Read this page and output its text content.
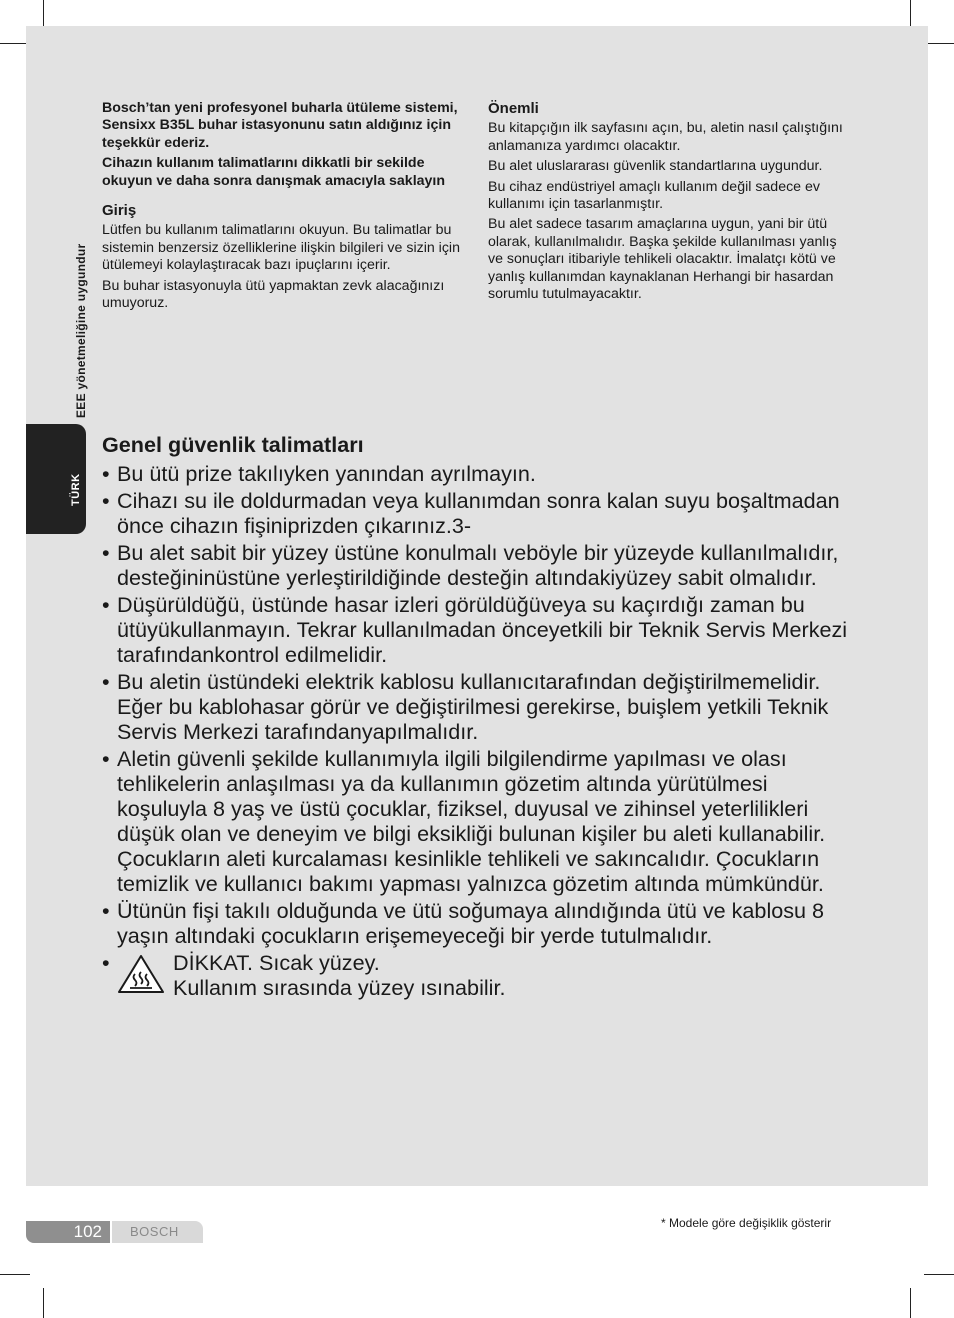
EEE yönetmeliğine uygundur
TÜRK

Bosch’tan yeni profesyonel buharla ütüleme sistemi, Sensixx B35L buhar istasyonunu satın aldığınız için teşekkür ederiz.

Cihazın kullanım talimatlarını dikkatli bir sekilde okuyun ve daha sonra danışmak amacıyla saklayın

Giriş

Lütfen bu kullanım talimatlarını okuyun. Bu talimatlar bu sistemin benzersiz özelliklerine ilişkin bilgileri ve sizin için ütülemeyi kolaylaştıracak bazı ipuçlarını içerir.

Bu buhar istasyonuyla ütü yapmaktan zevk alacağınızı umuyoruz.

Önemli

Bu kitapçığın ilk sayfasını açın, bu, aletin nasıl çalıştığını anlamanıza yardımcı olacaktır.

Bu alet uluslararası güvenlik standartlarına uygundur.

Bu cihaz endüstriyel amaçlı kullanım değil sadece ev kullanımı için tasarlanmıştır.

Bu alet sadece tasarım amaçlarına uygun, yani bir ütü olarak, kullanılmalıdır. Başka şekilde kullanılması yanlış ve sonuçları itibariyle tehlikeli olacaktır. İmalatçı kötü ve yanlış kullanımdan kaynaklanan Herhangi bir hasardan sorumlu tutulmayacaktır.

Genel güvenlik talimatları
• Bu ütü prize takılıyken yanından ayrılmayın.
• Cihazı su ile doldurmadan veya kullanımdan sonra kalan suyu boşaltmadan önce cihazın fişiniprizden çıkarınız.3-
• Bu alet sabit bir yüzey üstüne konulmalı veböyle bir yüzeyde kullanılmalıdır, desteğininüstüne yerleştirildiğinde desteğin altındakiyüzey sabit olmalıdır.
• Düşürüldüğü, üstünde hasar izleri görüldüğüveya su kaçırdığı zaman bu ütüyükullanmayın. Tekrar kullanılmadan önceyetkili bir Teknik Servis Merkezi tarafındankontrol edilmelidir.
• Bu aletin üstündeki elektrik kablosu kullanıcıtarafından değiştirilmemelidir. Eğer bu kablohasar görür ve değiştirilmesi gerekirse, buişlem yetkili Teknik Servis Merkezi tarafındanyapılmalıdır.
• Aletin güvenli şekilde kullanımıyla ilgili bilgilendirme yapılması ve olası tehlikelerin anlaşılması ya da kullanımın gözetim altında yürütülmesi koşuluyla 8 yaş ve üstü çocuklar, fiziksel, duyusal ve zihinsel yeterlilikleri düşük olan ve deneyim ve bilgi eksikliği bulunan kişiler bu aleti kullanabilir. Çocukların aleti kurcalaması kesinlikle tehlikeli ve sakıncalıdır. Çocukların temizlik ve kullanıcı bakımı yapması yalnızca gözetim altında mümkündür.
• Ütünün fişi takılı olduğunda ve ütü soğumaya alındığında ütü ve kablosu 8 yaşın altındaki çocukların erişemeyeceği bir yerde tutulmalıdır.
•	DİKKAT. Sıcak yüzey.
Kullanım sırasında yüzey ısınabilir.
102 BOSCH
* Modele göre değişiklik gösterir
